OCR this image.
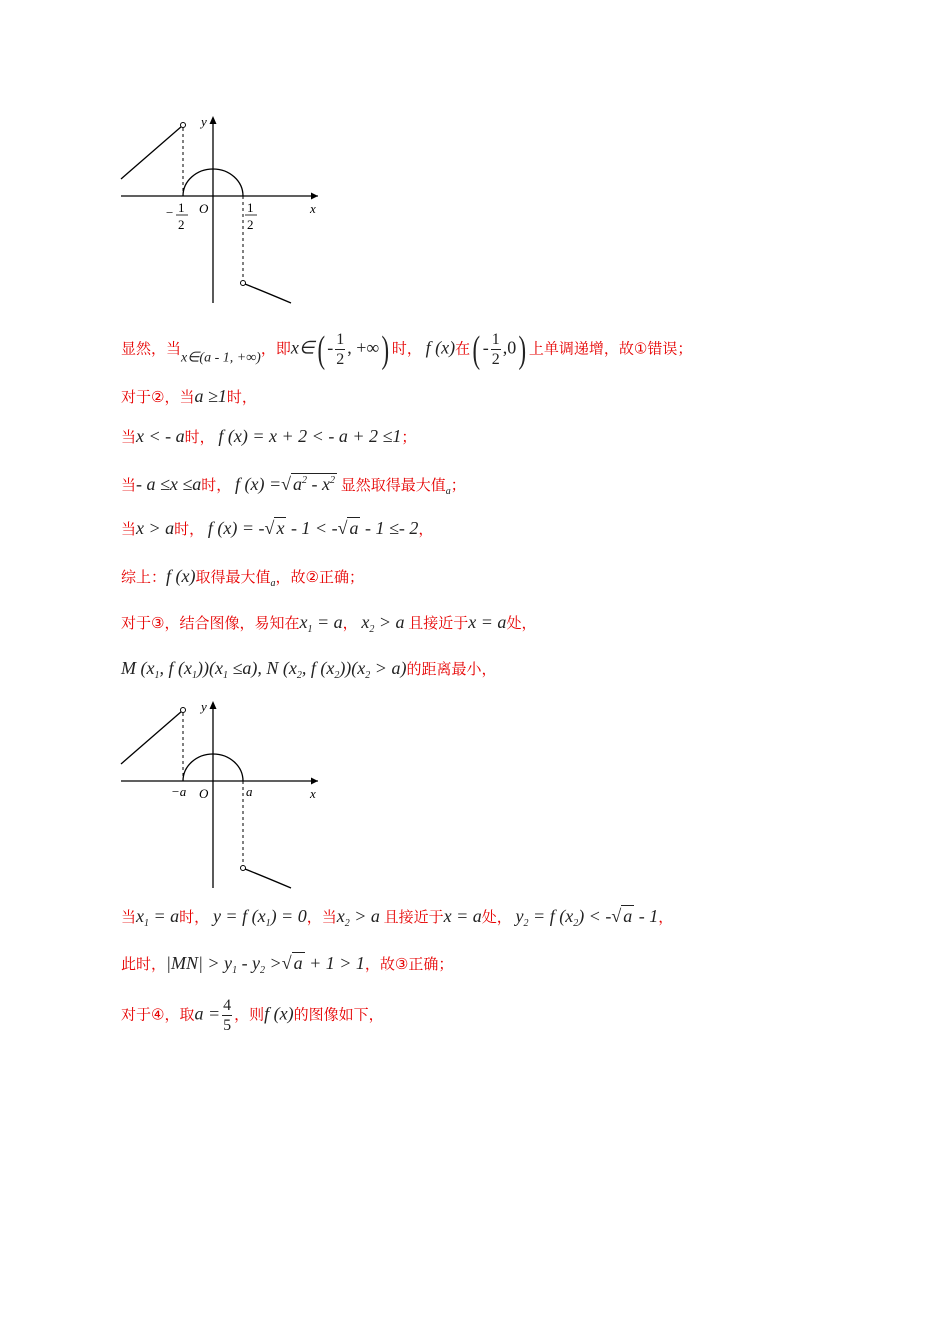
y
x
O
− 1
2
1
2
显然，当x∈(a - 1, +∞)，即x∈( - $\frac{1}{2}$ , +∞) 时， f (x)在( - $\frac{1}{2} ,0$) 上单调递增，故①错误；
对于②，当a ≥1时，
当x < - a时， f (x) = x + 2 < - a + 2 ≤1；
当- a ≤x ≤a时， f (x) =√ $a^2 - x^2$ 显然取得最大值$_a$；
当x > a时， f (x) = -√ x - 1 < -√ a - 1 ≤- 2，
综上：f (x)取得最大值$_a$，故②正确；
对于③，结合图像，易知在$x_1 = a$， $x_2 > a$ 且接近于x = a处，
M ($x_1$, f $(x_1))(x_1 \le a)$, N ($x_2$, f $(x_2))(x_2 > a)$的距离最小，
y
x
O
−a	a
当$x_1 = a$时， y = f $(x_1) = 0$，当$x_2 > a$ 且接近于x = a处， $y_2 = f$ $(x_2)$ < -√ a - 1，
此时，$|MN| > y_1 - y_2$ >√ a + 1 > 1，故③正确；
对于④，取$a = \frac{4}{5}$ ，则f (x)的图像如下，
